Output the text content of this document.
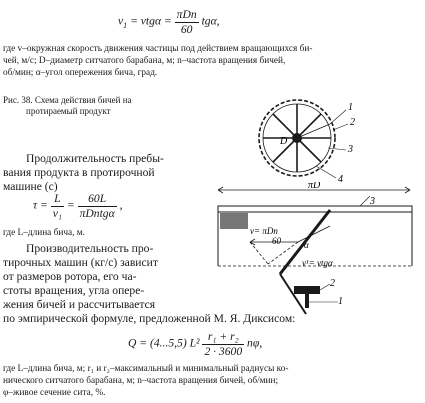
$v_1 = vtg\alpha = \frac{\text{πDn}}{60} tg\alpha$,
где v–окружная скорость движения частицы под действием вращающихся би-
чей, м/с; D–диаметр ситчатого барабана, м; n–частота вращения бичей,
об/мин; α–угол опережения бича, град.
Рис. 38. Схема действия бичей на
протираемый продукт	1
2
3
4
D
Продолжительность пребы-
вания продукта в протирочной
машине (с)
$\tau = \frac{L}{\text{v₁}} = \frac{60L}{\text{πDntgα}}$ ,
где L–длина бича, м.
πD
3
v= πDn
60
v¹= vtgα
α
2
1
Производительность про-
тирочных машин (кг/с) зависит
от размеров ротора, его ча-
стоты вращения, угла опере-
жения бичей и рассчитывается
по эмпирической формуле, предложенной М. Я. Диксисом:
Q = (4...5,5) $L^2 \frac{\text{r₁ + r₂}}{2 \cdot 3600} n\varphi$,
где L–длина бича, м; r₁ и r₂–максимальный и минимальный радиусы ко-
нического ситчатого барабана, м; n–частота вращения бичей, об/мин;
φ–живое сечение сита, %.
